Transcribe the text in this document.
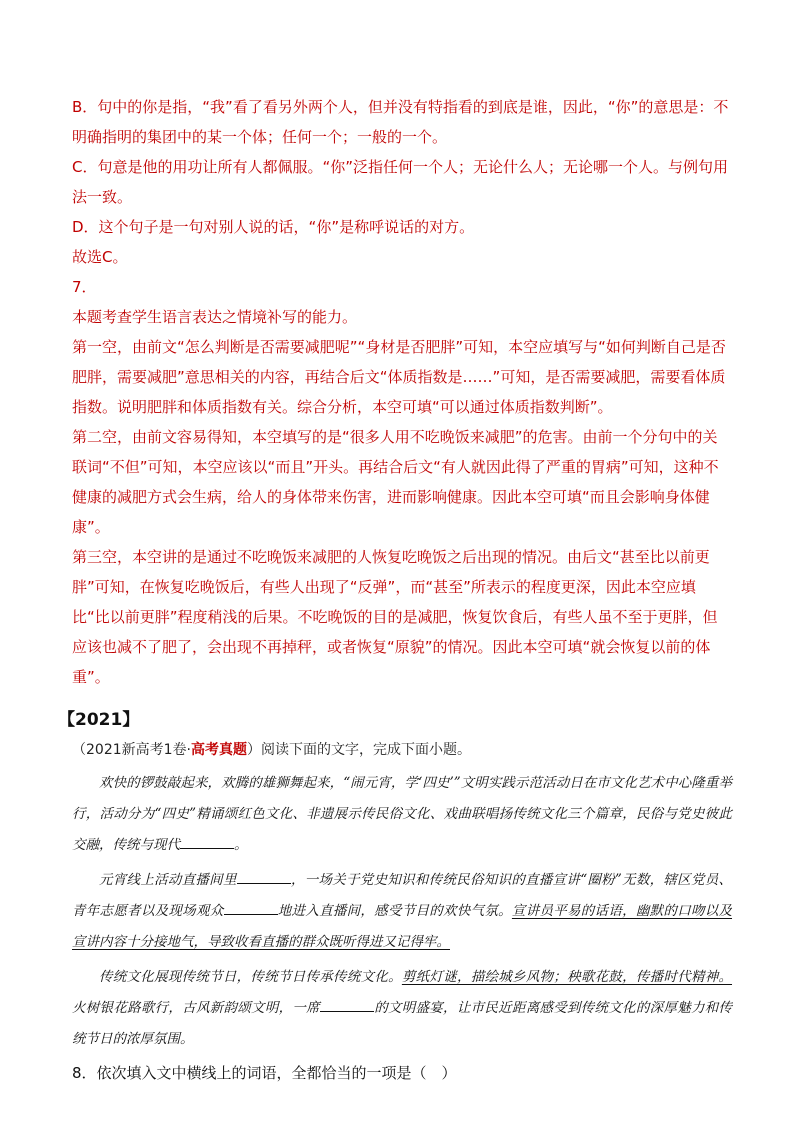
B．句中的你是指，“我”看了看另外两个人，但并没有特指看的到底是谁，因此，“你”的意思是：不明确指明的集团中的某一个体；任何一个；一般的一个。

C．句意是他的用功让所有人都佩服。“你”泛指任何一个人；无论什么人；无论哪一个人。与例句用法一致。

D．这个句子是一句对别人说的话，“你”是称呼说话的对方。

故选C。

7．

本题考查学生语言表达之情境补写的能力。

第一空，由前文“怎么判断是否需要减肥呢”“身材是否肥胖”可知，本空应填写与“如何判断自己是否肥胖，需要减肥”意思相关的内容，再结合后文“体质指数是……”可知，是否需要减肥，需要看体质指数。说明肥胖和体质指数有关。综合分析，本空可填“可以通过体质指数判断”。

第二空，由前文容易得知，本空填写的是“很多人用不吃晚饭来减肥”的危害。由前一个分句中的关联词“不但”可知，本空应该以“而且”开头。再结合后文“有人就因此得了严重的胃病”可知，这种不健康的减肥方式会生病，给人的身体带来伤害，进而影响健康。因此本空可填“而且会影响身体健康”。

第三空，本空讲的是通过不吃晚饭来减肥的人恢复吃晚饭之后出现的情况。由后文“甚至比以前更胖”可知，在恢复吃晚饭后，有些人出现了“反弹”，而“甚至”所表示的程度更深，因此本空应填比“比以前更胖”程度稍浅的后果。不吃晚饭的目的是减肥，恢复饮食后，有些人虽不至于更胖，但应该也减不了肥了，会出现不再掉秤，或者恢复“原貌”的情况。因此本空可填“就会恢复以前的体重”。

【2021】

（2021新高考1卷·高考真题）阅读下面的文字，完成下面小题。

欢快的锣鼓敲起来，欢腾的雄狮舞起来，“闹元宵，学‘四史’”文明实践示范活动日在市文化艺术中心隆重举行，活动分为“四史”精诵颂红色文化、非遗展示传民俗文化、戏曲联唱扬传统文化三个篇章，民俗与党史彼此交融，传统与现代	。

元宵线上活动直播间里	，一场关于党史知识和传统民俗知识的直播宣讲“圈粉”无数，辖区党员、青年志愿者以及现场观众	地进入直播间，感受节目的欢快气氛。宣讲员平易的话语，幽默的口吻以及宣讲内容十分接地气，导致收看直播的群众既听得进又记得牢。

传统文化展现传统节日，传统节日传承传统文化。剪纸灯谜，描绘城乡风物；秧歌花鼓，传播时代精神。火树银花路歌行，古风新韵颂文明，一席	的文明盛宴，让市民近距离感受到传统文化的深厚魅力和传统节日的浓厚氛围。

8．依次填入文中横线上的词语，全都恰当的一项是（　）
